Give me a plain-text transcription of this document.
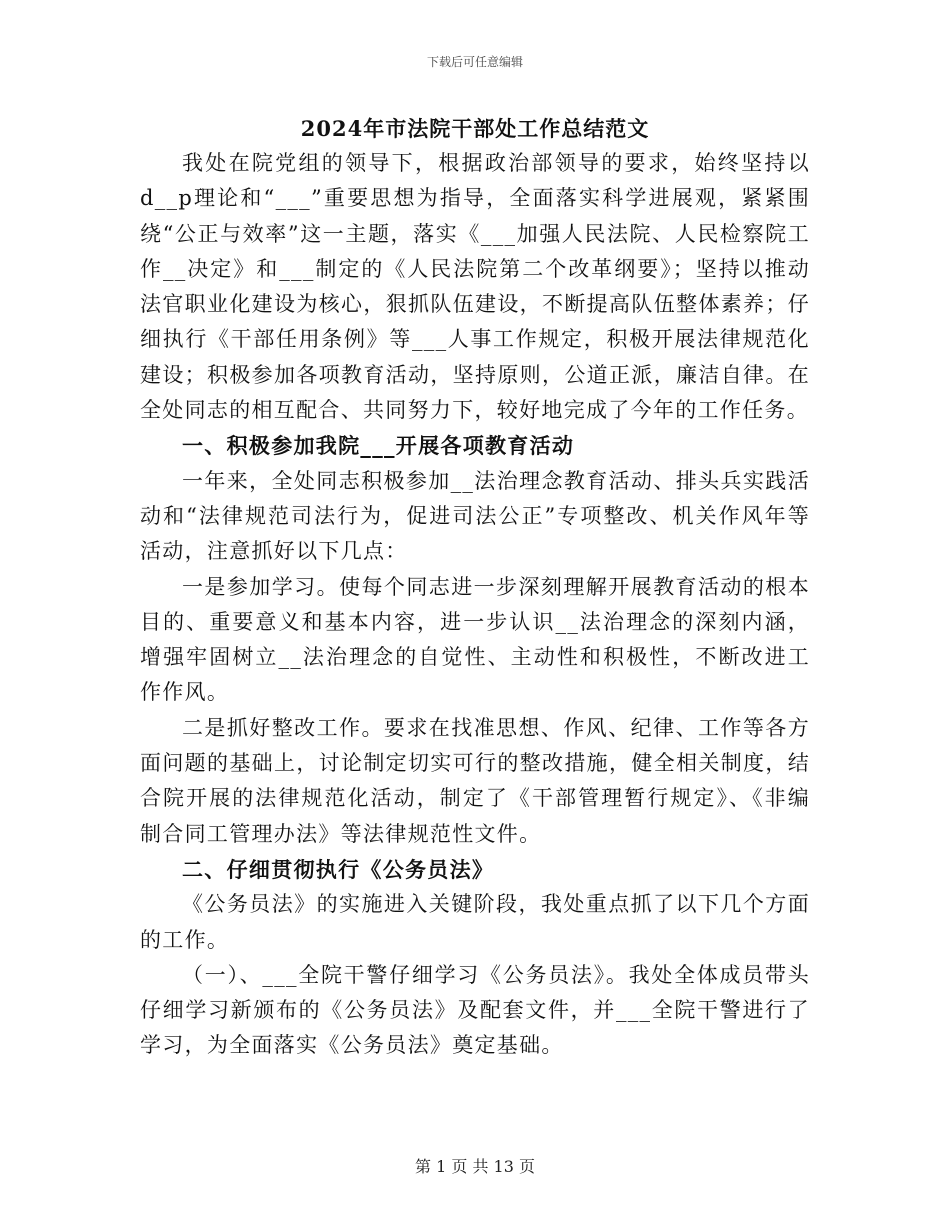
下载后可任意编辑
2024年市法院干部处工作总结范文

我处在院党组的领导下，根据政治部领导的要求，始终坚持以d__p理论和“___”重要思想为指导，全面落实科学进展观，紧紧围绕“公正与效率”这一主题，落实《___加强人民法院、人民检察院工作__决定》和___制定的《人民法院第二个改革纲要》；坚持以推动法官职业化建设为核心，狠抓队伍建设，不断提高队伍整体素养；仔细执行《干部任用条例》等___人事工作规定，积极开展法律规范化建设；积极参加各项教育活动，坚持原则，公道正派，廉洁自律。在全处同志的相互配合、共同努力下，较好地完成了今年的工作任务。

一、积极参加我院___开展各项教育活动

一年来，全处同志积极参加__法治理念教育活动、排头兵实践活动和“法律规范司法行为，促进司法公正”专项整改、机关作风年等活动，注意抓好以下几点：

一是参加学习。使每个同志进一步深刻理解开展教育活动的根本目的、重要意义和基本内容，进一步认识__法治理念的深刻内涵，增强牢固树立__法治理念的自觉性、主动性和积极性，不断改进工作作风。

二是抓好整改工作。要求在找准思想、作风、纪律、工作等各方面问题的基础上，讨论制定切实可行的整改措施，健全相关制度，结合院开展的法律规范化活动，制定了《干部管理暂行规定》、《非编制合同工管理办法》等法律规范性文件。

二、仔细贯彻执行《公务员法》

《公务员法》的实施进入关键阶段，我处重点抓了以下几个方面的工作。

（一）、___全院干警仔细学习《公务员法》。我处全体成员带头仔细学习新颁布的《公务员法》及配套文件，并___全院干警进行了学习，为全面落实《公务员法》奠定基础。

第 1 页 共 13 页
